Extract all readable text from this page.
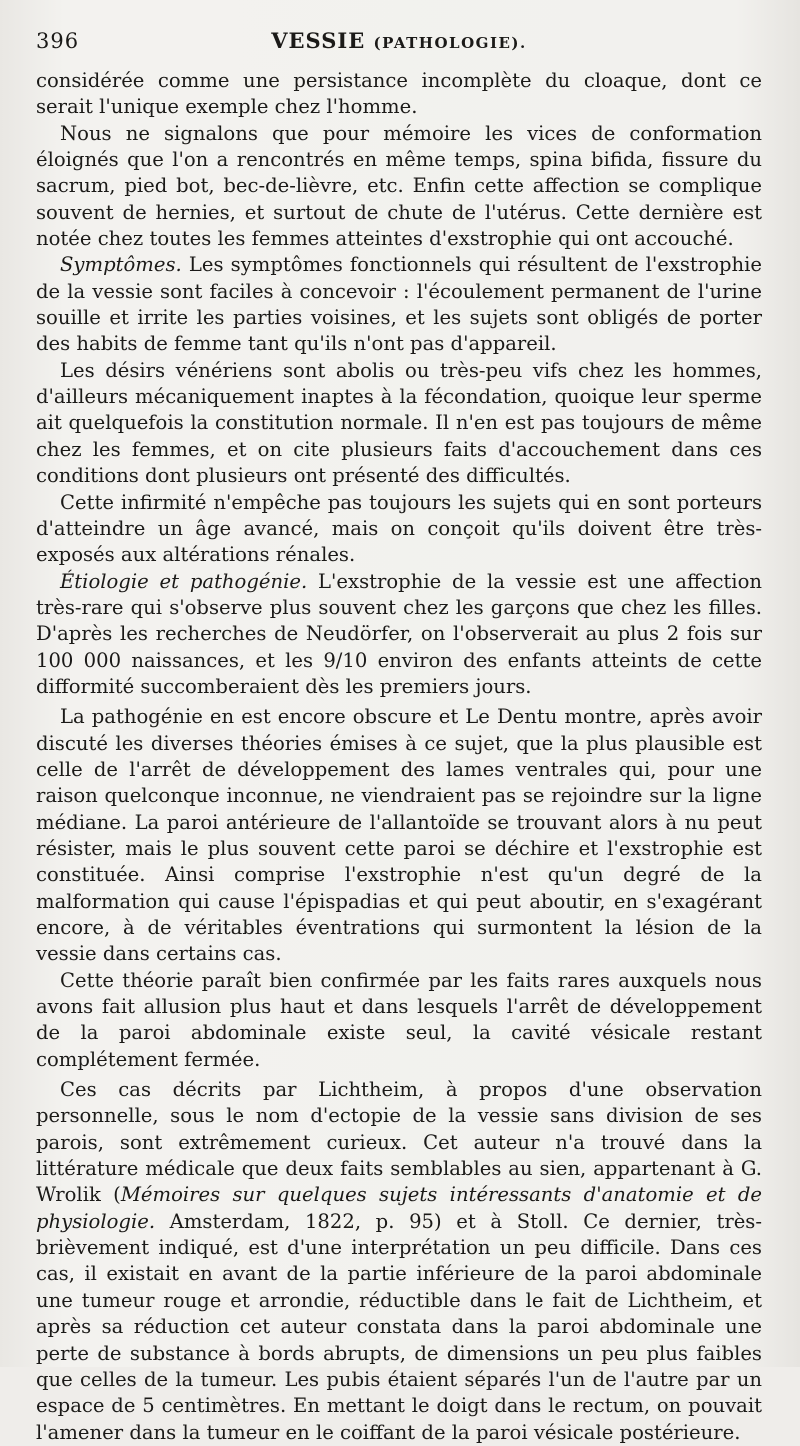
396	VESSIE (PATHOLOGIE).

considérée comme une persistance incomplète du cloaque, dont ce serait l'unique exemple chez l'homme.

Nous ne signalons que pour mémoire les vices de conformation éloignés que l'on a rencontrés en même temps, spina bifida, fissure du sacrum, pied bot, bec-de-lièvre, etc. Enfin cette affection se complique souvent de hernies, et surtout de chute de l'utérus. Cette dernière est notée chez toutes les femmes atteintes d'exstrophie qui ont accouché.

Symptômes. Les symptômes fonctionnels qui résultent de l'exstrophie de la vessie sont faciles à concevoir : l'écoulement permanent de l'urine souille et irrite les parties voisines, et les sujets sont obligés de porter des habits de femme tant qu'ils n'ont pas d'appareil.

Les désirs vénériens sont abolis ou très-peu vifs chez les hommes, d'ailleurs mécaniquement inaptes à la fécondation, quoique leur sperme ait quelquefois la constitution normale. Il n'en est pas toujours de même chez les femmes, et on cite plusieurs faits d'accouchement dans ces conditions dont plusieurs ont présenté des difficultés.

Cette infirmité n'empêche pas toujours les sujets qui en sont porteurs d'atteindre un âge avancé, mais on conçoit qu'ils doivent être très-exposés aux altérations rénales.

Étiologie et pathogénie. L'exstrophie de la vessie est une affection très-rare qui s'observe plus souvent chez les garçons que chez les filles. D'après les recherches de Neudörfer, on l'observerait au plus 2 fois sur 100 000 naissances, et les 9/10 environ des enfants atteints de cette difformité succomberaient dès les premiers jours.

La pathogénie en est encore obscure et Le Dentu montre, après avoir discuté les diverses théories émises à ce sujet, que la plus plausible est celle de l'arrêt de développement des lames ventrales qui, pour une raison quelconque inconnue, ne viendraient pas se rejoindre sur la ligne médiane. La paroi antérieure de l'allantoïde se trouvant alors à nu peut résister, mais le plus souvent cette paroi se déchire et l'exstrophie est constituée. Ainsi comprise l'exstrophie n'est qu'un degré de la malformation qui cause l'épispadias et qui peut aboutir, en s'exagérant encore, à de véritables éventrations qui surmontent la lésion de la vessie dans certains cas.

Cette théorie paraît bien confirmée par les faits rares auxquels nous avons fait allusion plus haut et dans lesquels l'arrêt de développement de la paroi abdominale existe seul, la cavité vésicale restant complétement fermée.

Ces cas décrits par Lichtheim, à propos d'une observation personnelle, sous le nom d'ectopie de la vessie sans division de ses parois, sont extrêmement curieux. Cet auteur n'a trouvé dans la littérature médicale que deux faits semblables au sien, appartenant à G. Wrolik (Mémoires sur quelques sujets intéressants d'anatomie et de physiologie. Amsterdam, 1822, p. 95) et à Stoll. Ce dernier, très-brièvement indiqué, est d'une interprétation un peu difficile. Dans ces cas, il existait en avant de la partie inférieure de la paroi abdominale une tumeur rouge et arrondie, réductible dans le fait de Lichtheim, et après sa réduction cet auteur constata dans la paroi abdominale une perte de substance à bords abrupts, de dimensions un peu plus faibles que celles de la tumeur. Les pubis étaient séparés l'un de l'autre par un espace de 5 centimètres. En mettant le doigt dans le rectum, on pouvait l'amener dans la tumeur en le coiffant de la paroi vésicale postérieure.
